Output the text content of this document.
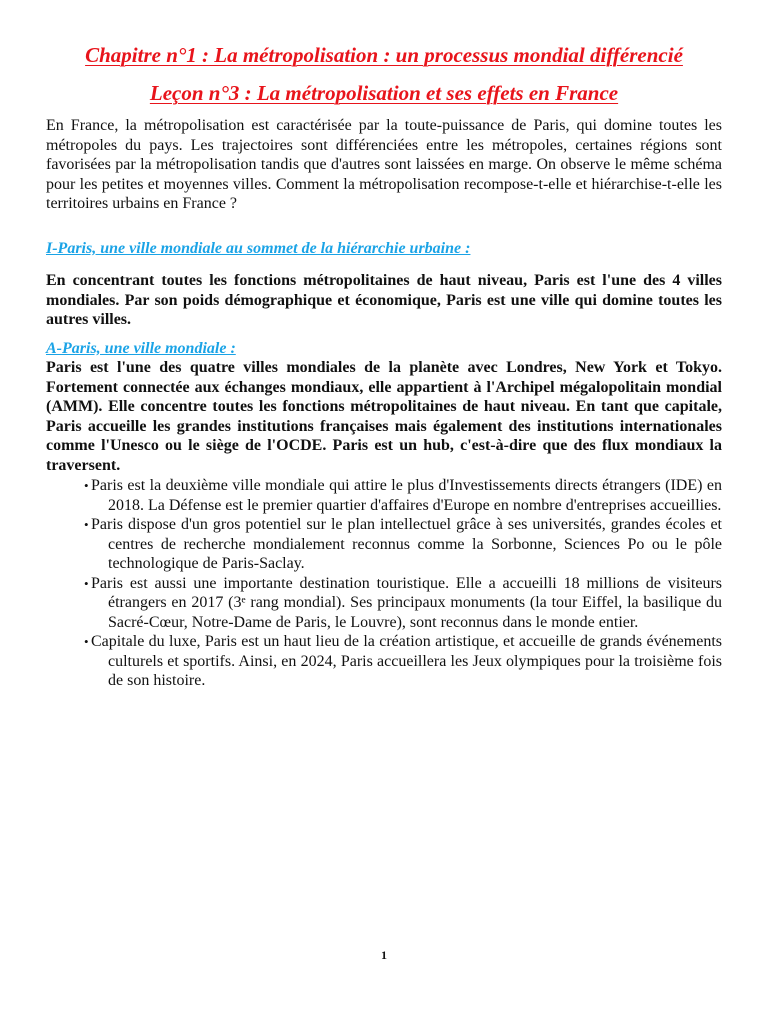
Chapitre n°1 : La métropolisation : un processus mondial différencié
Leçon n°3 : La métropolisation et ses effets en France

En France, la métropolisation est caractérisée par la toute-puissance de Paris, qui domine toutes les métropoles du pays. Les trajectoires sont différenciées entre les métropoles, certaines régions sont favorisées par la métropolisation tandis que d'autres sont laissées en marge. On observe le même schéma pour les petites et moyennes villes. Comment la métropolisation recompose-t-elle et hiérarchise-t-elle les territoires urbains en France ?

I-Paris, une ville mondiale au sommet de la hiérarchie urbaine :

En concentrant toutes les fonctions métropolitaines de haut niveau, Paris est l'une des 4 villes mondiales. Par son poids démographique et économique, Paris est une ville qui domine toutes les autres villes.

A-Paris, une ville mondiale :

Paris est l'une des quatre villes mondiales de la planète avec Londres, New York et Tokyo. Fortement connectée aux échanges mondiaux, elle appartient à l'Archipel mégalopolitain mondial (AMM). Elle concentre toutes les fonctions métropolitaines de haut niveau. En tant que capitale, Paris accueille les grandes institutions françaises mais également des institutions internationales comme l'Unesco ou le siège de l'OCDE. Paris est un hub, c'est-à-dire que des flux mondiaux la traversent.

• Paris est la deuxième ville mondiale qui attire le plus d'Investissements directs étrangers (IDE) en 2018. La Défense est le premier quartier d'affaires d'Europe en nombre d'entreprises accueillies.
• Paris dispose d'un gros potentiel sur le plan intellectuel grâce à ses universités, grandes écoles et centres de recherche mondialement reconnus comme la Sorbonne, Sciences Po ou le pôle technologique de Paris-Saclay.
• Paris est aussi une importante destination touristique. Elle a accueilli 18 millions de visiteurs étrangers en 2017 (3ᵉ rang mondial). Ses principaux monuments (la tour Eiffel, la basilique du Sacré-Cœur, Notre-Dame de Paris, le Louvre), sont reconnus dans le monde entier.
• Capitale du luxe, Paris est un haut lieu de la création artistique, et accueille de grands événements culturels et sportifs. Ainsi, en 2024, Paris accueillera les Jeux olympiques pour la troisième fois de son histoire.
1
